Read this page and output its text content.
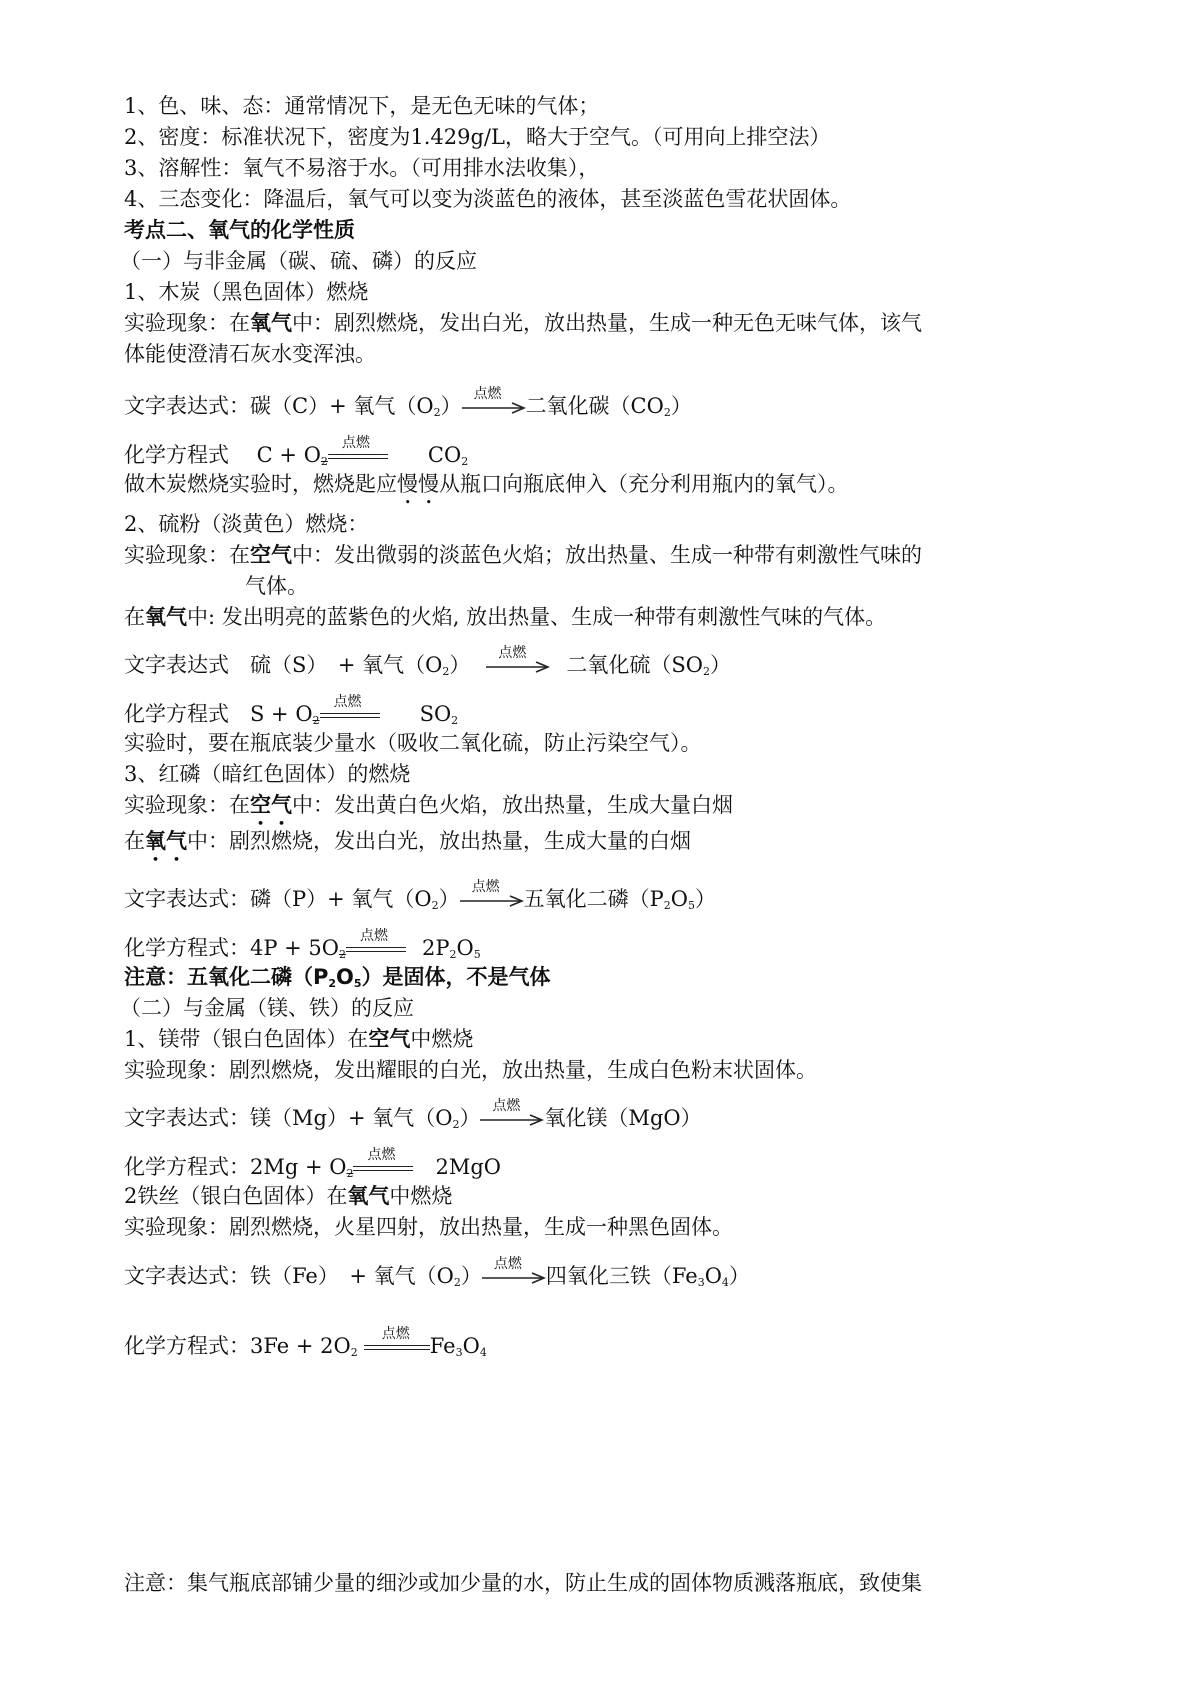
1、色、味、态：通常情况下，是无色无味的气体；
2、密度：标准状况下，密度为1.429g/L，略大于空气。（可用向上排空法）
3、溶解性：氧气不易溶于水。（可用排水法收集），
4、三态变化：降温后，氧气可以变为淡蓝色的液体，甚至淡蓝色雪花状固体。
考点二、氧气的化学性质
（一）与非金属（碳、硫、磷）的反应
1、木炭（黑色固体）燃烧
实验现象：在氧气中：剧烈燃烧，发出白光，放出热量，生成一种无色无味气体，该气
体能使澄清石灰水变浑浊。
文字表达式：碳（C）+ 氧气$(O_2)$ 点燃 二氧化碳$(CO_2)$
化学方程式　 $C + O_2$
点燃	$CO_2$
做木炭燃烧实验时，燃烧匙应慢慢从瓶口向瓶底伸入（充分利用瓶内的氧气）。
2、硫粉（淡黄色）燃烧：
实验现象：在空气中：发出微弱的淡蓝色火焰；放出热量、生成一种带有刺激性气味的
气体。
在氧气中: 发出明亮的蓝紫色的火焰, 放出热量、生成一种带有刺激性气味的气体。
文字表达式　硫（S）　+ 氧气$(O_2)$ 点燃 二氧化硫$(SO_2)$
化学方程式　$S + O_2$
点燃	$SO_2$
实验时，要在瓶底装少量水（吸收二氧化硫，防止污染空气）。
3、红磷（暗红色固体）的燃烧
实验现象：在空气中：发出黄白色火焰，放出热量，生成大量白烟
在氧气中：剧烈燃烧，发出白光，放出热量，生成大量的白烟
文字表达式：磷（P）+ 氧气$(O_2)$ 点燃 五氧化二磷$(P_2O_5)$
化学方程式：$4P + 5O_2$
点燃 $2P_2O_5$
注意：五氧化二磷$(P_2O_5)$是固体，不是气体
（二）与金属（镁、铁）的反应
1、镁带（银白色固体）在空气中燃烧
实验现象：剧烈燃烧，发出耀眼的白光，放出热量，生成白色粉末状固体。
文字表达式：镁（Mg）+ 氧气$(O_2)$ 点燃 氧化镁（MgO）
化学方程式：$2Mg + O_2$
点燃 2MgO
2铁丝（银白色固体）在氧气中燃烧
实验现象：剧烈燃烧，火星四射，放出热量，生成一种黑色固体。
文字表达式：铁（Fe）　+ 氧气$(O_2)$ 点燃 四氧化三铁$(Fe_3O_4)$
化学方程式：$3Fe + 2O_2$
点燃 $Fe_3O_4$
注意：集气瓶底部铺少量的细沙或加少量的水，防止生成的固体物质溅落瓶底，致使集
